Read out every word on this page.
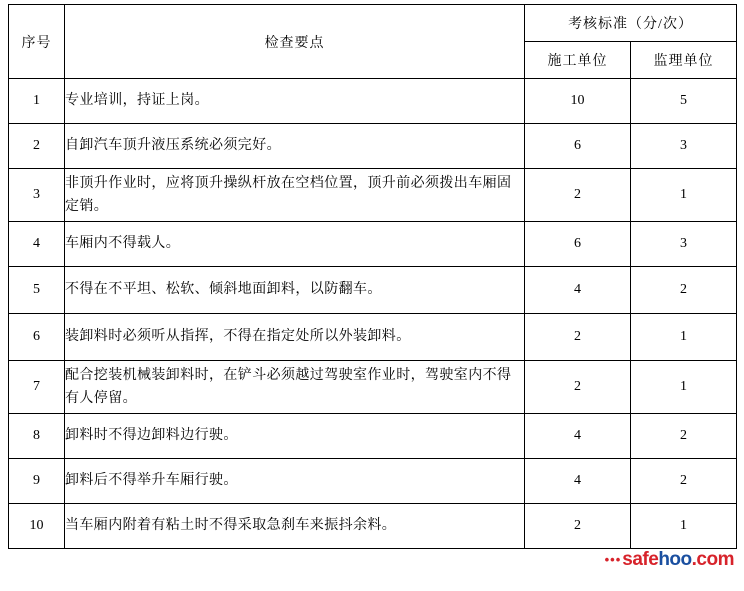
序号	检查要点	考核标准（分/次）	
		施工单位	监理单位
1	专业培训，持证上岗。	10	5
2	自卸汽车顶升液压系统必须完好。	6	3
3	非顶升作业时，应将顶升操纵杆放在空档位置，顶升前必须拨出车厢固定销。	2	1
4	车厢内不得载人。	6	3
5	不得在不平坦、松软、倾斜地面卸料，以防翻车。	4	2
6	装卸料时必须听从指挥，不得在指定处所以外装卸料。	2	1
7	配合挖装机械装卸料时，在铲斗必须越过驾驶室作业时，驾驶室内不得有人停留。	2	1
8	卸料时不得边卸料边行驶。	4	2
9	卸料后不得举升车厢行驶。	4	2
10	当车厢内附着有粘土时不得采取急刹车来振抖余料。	2	1
••• safe hoo .com
